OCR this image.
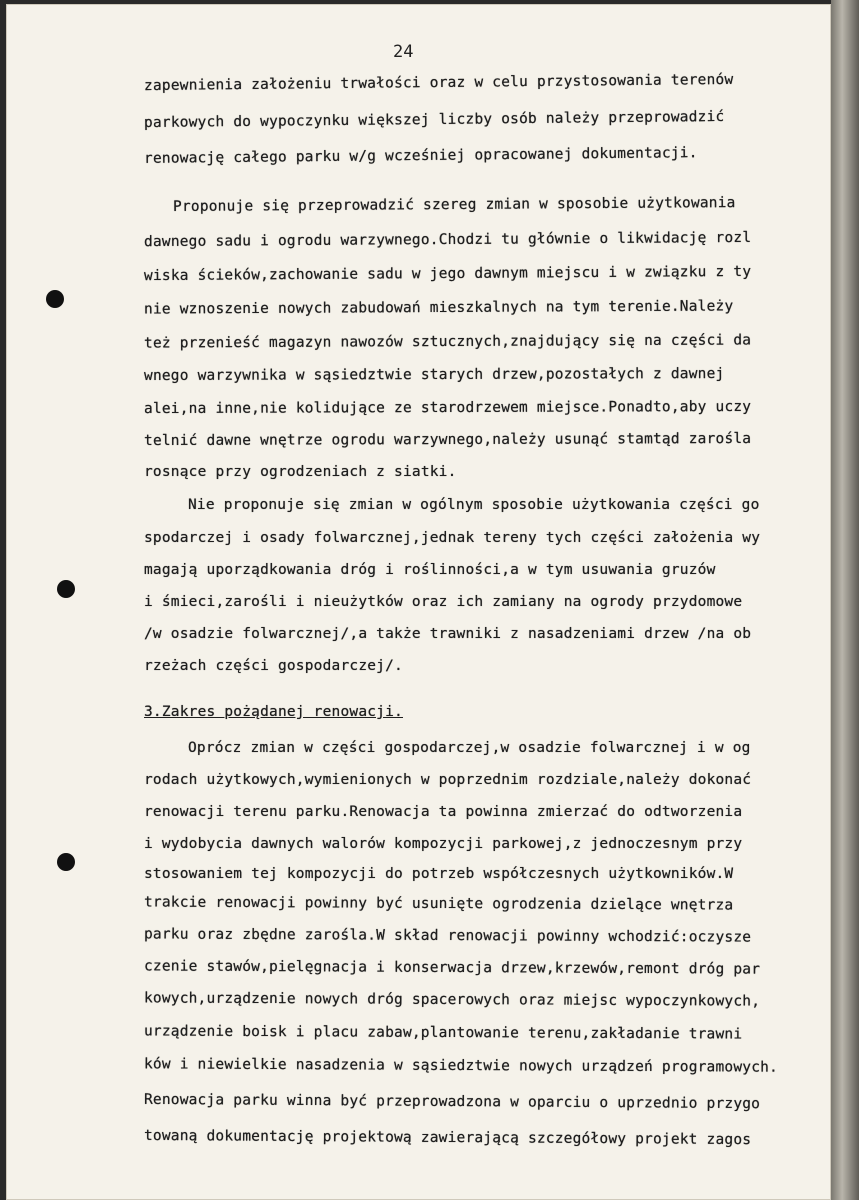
24
zapewnienia założeniu trwałości oraz w celu przystosowania terenów
parkowych do wypoczynku większej liczby osób należy przeprowadzić
renowację całego parku w/g wcześniej opracowanej dokumentacji.
Proponuje się przeprowadzić szereg zmian w sposobie użytkowania
dawnego sadu i ogrodu warzywnego.Chodzi tu głównie o likwidację rozl
wiska ścieków,zachowanie sadu w jego dawnym miejscu i w związku z ty
nie wznoszenie nowych zabudowań mieszkalnych na tym terenie.Należy
też przenieść magazyn nawozów sztucznych,znajdujący się na części da
wnego warzywnika w sąsiedztwie starych drzew,pozostałych z dawnej
alei,na inne,nie kolidujące ze starodrzewem miejsce.Ponadto,aby uczy
telnić dawne wnętrze ogrodu warzywnego,należy usunąć stamtąd zarośla
rosnące przy ogrodzeniach z siatki.
Nie proponuje się zmian w ogólnym sposobie użytkowania części go
spodarczej i osady folwarcznej,jednak tereny tych części założenia wy
magają uporządkowania dróg i roślinności,a w tym usuwania gruzów
i śmieci,zarośli i nieużytków oraz ich zamiany na ogrody przydomowe
/w osadzie folwarcznej/,a także trawniki z nasadzeniami drzew /na ob
rzeżach części gospodarczej/.
3.Zakres pożądanej renowacji.
Oprócz zmian w części gospodarczej,w osadzie folwarcznej i w og
rodach użytkowych,wymienionych w poprzednim rozdziale,należy dokonać
renowacji terenu parku.Renowacja ta powinna zmierzać do odtworzenia
i wydobycia dawnych walorów kompozycji parkowej,z jednoczesnym przy
stosowaniem tej kompozycji do potrzeb współczesnych użytkowników.W
trakcie renowacji powinny być usunięte ogrodzenia dzielące wnętrza
parku oraz zbędne zarośla.W skład renowacji powinny wchodzić:oczysze
czenie stawów,pielęgnacja i konserwacja drzew,krzewów,remont dróg par
kowych,urządzenie nowych dróg spacerowych oraz miejsc wypoczynkowych,
urządzenie boisk i placu zabaw,plantowanie terenu,zakładanie trawni
ków i niewielkie nasadzenia w sąsiedztwie nowych urządzeń programowych.
Renowacja parku winna być przeprowadzona w oparciu o uprzednio przygo
towaną dokumentację projektową zawierającą szczegółowy projekt zagos
